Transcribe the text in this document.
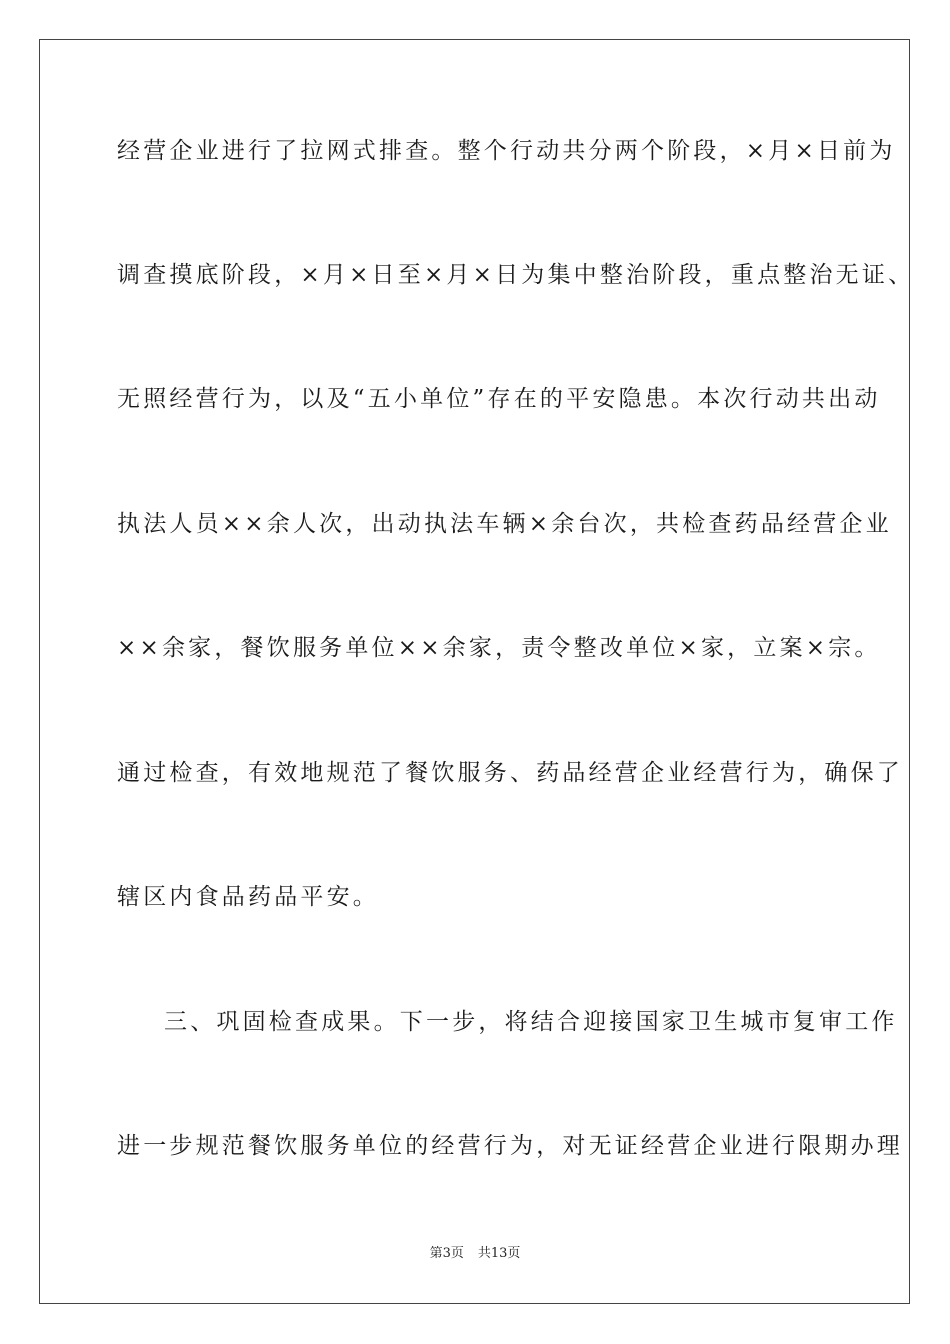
经营企业进行了拉网式排查。整个行动共分两个阶段，×月×日前为
调查摸底阶段，×月×日至×月×日为集中整治阶段，重点整治无证、
无照经营行为，以及“五小单位”存在的平安隐患。本次行动共出动
执法人员××余人次，出动执法车辆×余台次，共检查药品经营企业
××余家，餐饮服务单位××余家，责令整改单位×家，立案×宗。
通过检查，有效地规范了餐饮服务、药品经营企业经营行为，确保了
辖区内食品药品平安。
三、巩固检查成果。下一步，将结合迎接国家卫生城市复审工作
进一步规范餐饮服务单位的经营行为，对无证经营企业进行限期办理
第3页 共13页
